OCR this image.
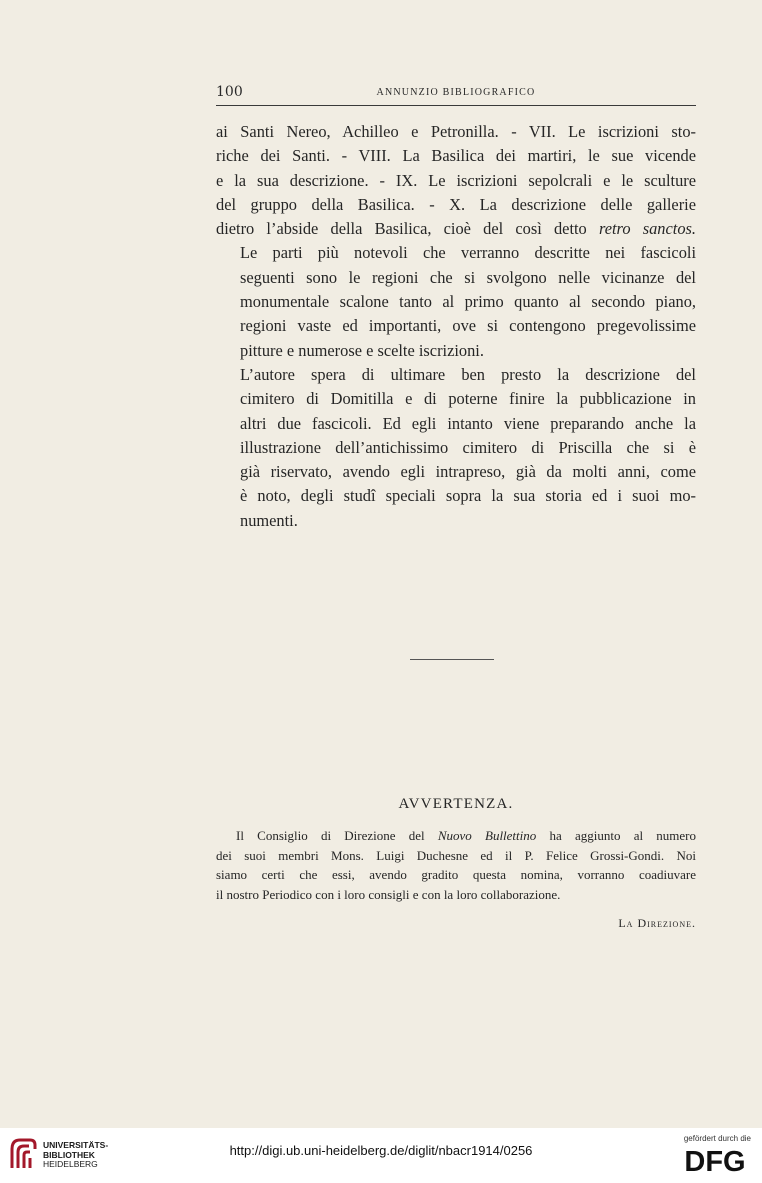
100	ANNUNZIO BIBLIOGRAFICO

ai Santi Nereo, Achilleo e Petronilla. - VII. Le iscrizioni sto-
riche dei Santi. - VIII. La Basilica dei martiri, le sue vicende
e la sua descrizione. - IX. Le iscrizioni sepolcrali e le sculture
del gruppo della Basilica. - X. La descrizione delle gallerie
dietro l’abside della Basilica, cioè del così detto retro sanctos.

Le parti più notevoli che verranno descritte nei fascicoli
seguenti sono le regioni che si svolgono nelle vicinanze del
monumentale scalone tanto al primo quanto al secondo piano,
regioni vaste ed importanti, ove si contengono pregevolissime
pitture e numerose e scelte iscrizioni.

L’autore spera di ultimare ben presto la descrizione del
cimitero di Domitilla e di poterne finire la pubblicazione in
altri due fascicoli. Ed egli intanto viene preparando anche la
illustrazione dell’antichissimo cimitero di Priscilla che si è
già riservato, avendo egli intrapreso, già da molti anni, come
è noto, degli studî speciali sopra la sua storia ed i suoi mo-
numenti.

AVVERTENZA.
Il Consiglio di Direzione del Nuovo Bullettino ha aggiunto al numero
dei suoi membri Mons. Luigi Duchesne ed il P. Felice Grossi-Gondi. Noi
siamo certi che essi, avendo gradito questa nomina, vorranno coadiuvare
il nostro Periodico con i loro consigli e con la loro collaborazione.
La Direzione.
UNIVERSITÄTS-
BIBLIOTHEK
HEIDELBERG
http://digi.ub.uni-heidelberg.de/diglit/nbacr1914/0256
gefördert durch die
DFG
